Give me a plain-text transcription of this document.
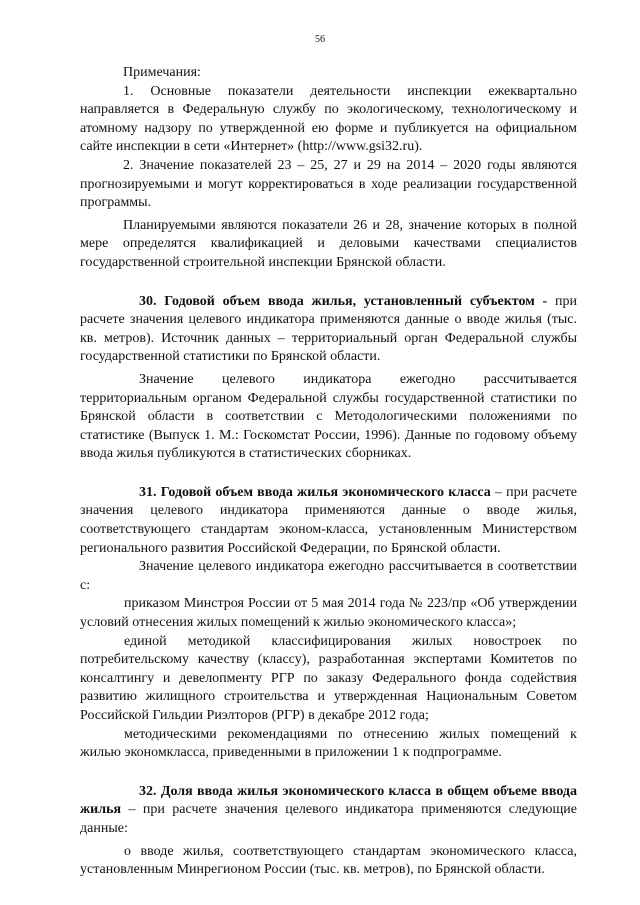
56

Примечания:

1. Основные показатели деятельности инспекции ежеквартально направляется в Федеральную службу по экологическому, технологическому и атомному надзору по утвержденной ею форме и публикуется на официальном сайте инспекции в сети «Интернет» (http://www.gsi32.ru).

2. Значение показателей 23 – 25, 27 и 29 на 2014 – 2020 годы являются прогнозируемыми и могут корректироваться в ходе реализации государственной программы.

Планируемыми являются показатели 26 и 28, значение которых в полной мере определятся квалификацией и деловыми качествами специалистов государственной строительной инспекции Брянской области.

30. Годовой объем ввода жилья, установленный субъектом - при расчете значения целевого индикатора применяются данные о вводе жилья (тыс. кв. метров). Источник данных – территориальный орган Федеральной службы государственной статистики по Брянской области.

Значение целевого индикатора ежегодно рассчитывается территориальным органом Федеральной службы государственной статистики по Брянской области в соответствии с Методологическими положениями по статистике (Выпуск 1. М.: Госкомстат России, 1996). Данные по годовому объему ввода жилья публикуются в статистических сборниках.

31. Годовой объем ввода жилья экономического класса – при расчете значения целевого индикатора применяются данные о вводе жилья, соответствующего стандартам эконом-класса, установленным Министерством регионального развития Российской Федерации, по Брянской области.

Значение целевого индикатора ежегодно рассчитывается в соответствии с:

приказом Минстроя России от 5 мая 2014 года № 223/пр «Об утверждении условий отнесения жилых помещений к жилью экономического класса»;

единой методикой классифицирования жилых новостроек по потребительскому качеству (классу), разработанная экспертами Комитетов по консалтингу и девелопменту РГР по заказу Федерального фонда содействия развитию жилищного строительства и утвержденная Национальным Советом Российской Гильдии Риэлторов (РГР) в декабре 2012 года;

методическими рекомендациями по отнесению жилых помещений к жилью экономкласса, приведенными в приложении 1 к подпрограмме.

32. Доля ввода жилья экономического класса в общем объеме ввода жилья – при расчете значения целевого индикатора применяются следующие данные:

о вводе жилья, соответствующего стандартам экономического класса, установленным Минрегионом России (тыс. кв. метров), по Брянской области.
